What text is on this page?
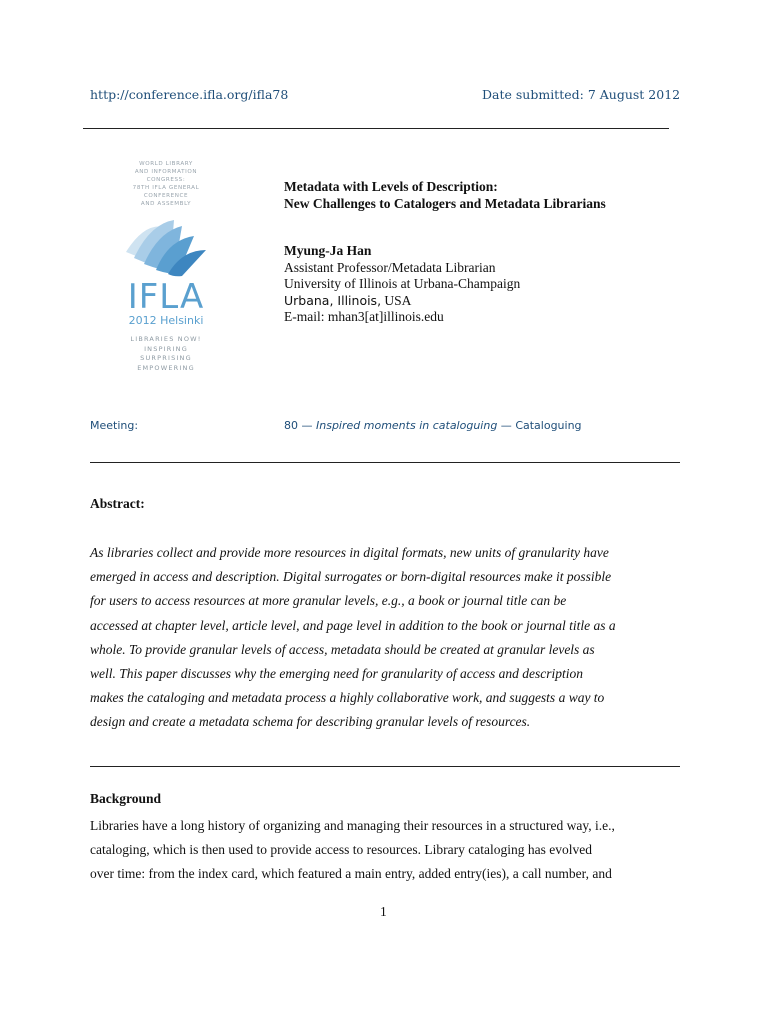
http://conference.ifla.org/ifla78	Date submitted: 7 August 2012
WORLD LIBRARY
AND INFORMATION
CONGRESS:
78TH IFLA GENERAL
CONFERENCE
AND ASSEMBLY
IFLA
2012 Helsinki
LIBRARIES NOW!
INSPIRING
SURPRISING
EMPOWERING
Metadata with Levels of Description:
New Challenges to Catalogers and Metadata Librarians
Myung-Ja Han
Assistant Professor/Metadata Librarian
University of Illinois at Urbana-Champaign
Urbana, Illinois, USA
E-mail: mhan3[at]illinois.edu
Meeting:	80 — Inspired moments in cataloguing — Cataloguing
Abstract:
As libraries collect and provide more resources in digital formats, new units of granularity have
emerged in access and description. Digital surrogates or born-digital resources make it possible
for users to access resources at more granular levels, e.g., a book or journal title can be
accessed at chapter level, article level, and page level in addition to the book or journal title as a
whole. To provide granular levels of access, metadata should be created at granular levels as
well. This paper discusses why the emerging need for granularity of access and description
makes the cataloging and metadata process a highly collaborative work, and suggests a way to
design and create a metadata schema for describing granular levels of resources.
Background
Libraries have a long history of organizing and managing their resources in a structured way, i.e.,
cataloging, which is then used to provide access to resources. Library cataloging has evolved
over time: from the index card, which featured a main entry, added entry(ies), a call number, and
1
